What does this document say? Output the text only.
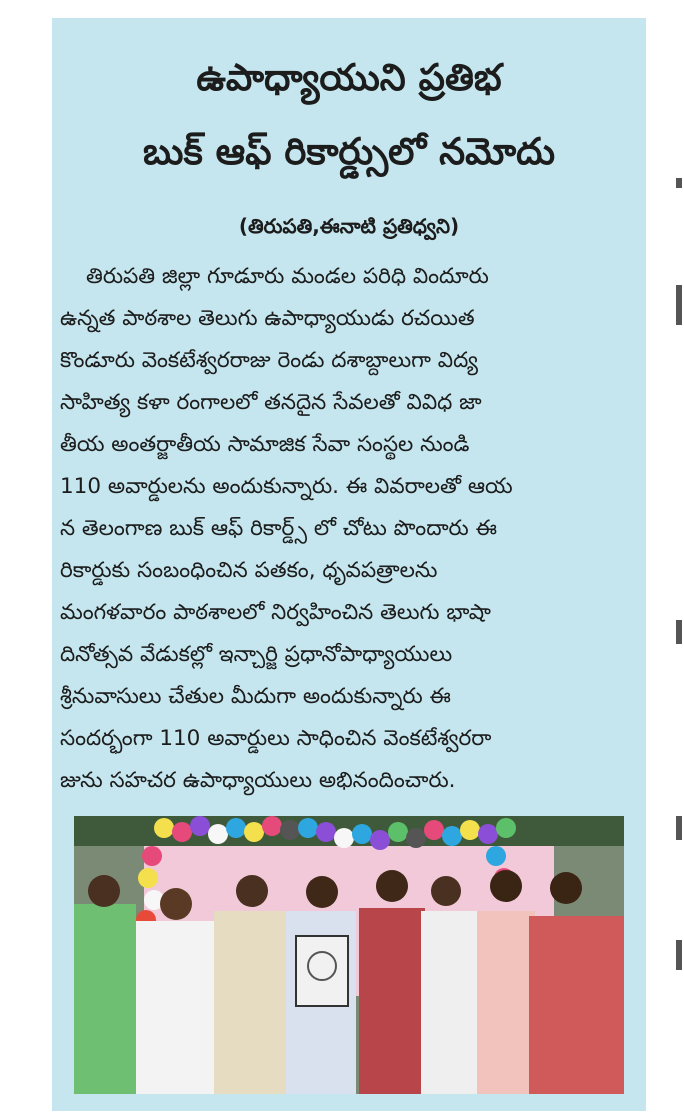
ఉపాధ్యాయుని ప్రతిభ
బుక్ ఆఫ్ రికార్డ్సులో నమోదు
(తిరుపతి,ఈనాటి ప్రతిధ్వని)
తిరుపతి జిల్లా గూడూరు మండల పరిధి విందూరు
ఉన్నత పాఠశాల తెలుగు ఉపాధ్యాయుడు రచయిత
కొండూరు వెంకటేశ్వరరాజు రెండు దశాబ్దాలుగా విద్య
సాహిత్య కళా రంగాలలో తనదైన సేవలతో వివిధ జా
తీయ అంతర్జాతీయ సామాజిక సేవా సంస్థల నుండి
110 అవార్డులను అందుకున్నారు. ఈ వివరాలతో ఆయ
న తెలంగాణ బుక్ ఆఫ్ రికార్డ్స్ లో చోటు పొందారు ఈ
రికార్డుకు సంబంధించిన పతకం, ధృవపత్రాలను
మంగళవారం పాఠశాలలో నిర్వహించిన తెలుగు భాషా
దినోత్సవ వేడుకల్లో ఇన్చార్జి ప్రధానోపాధ్యాయులు
శ్రీనువాసులు చేతుల మీదుగా అందుకున్నారు ఈ
సందర్భంగా 110 అవార్డులు సాధించిన వెంకటేశ్వరరా
జును సహచర ఉపాధ్యాయులు అభినందించారు.
